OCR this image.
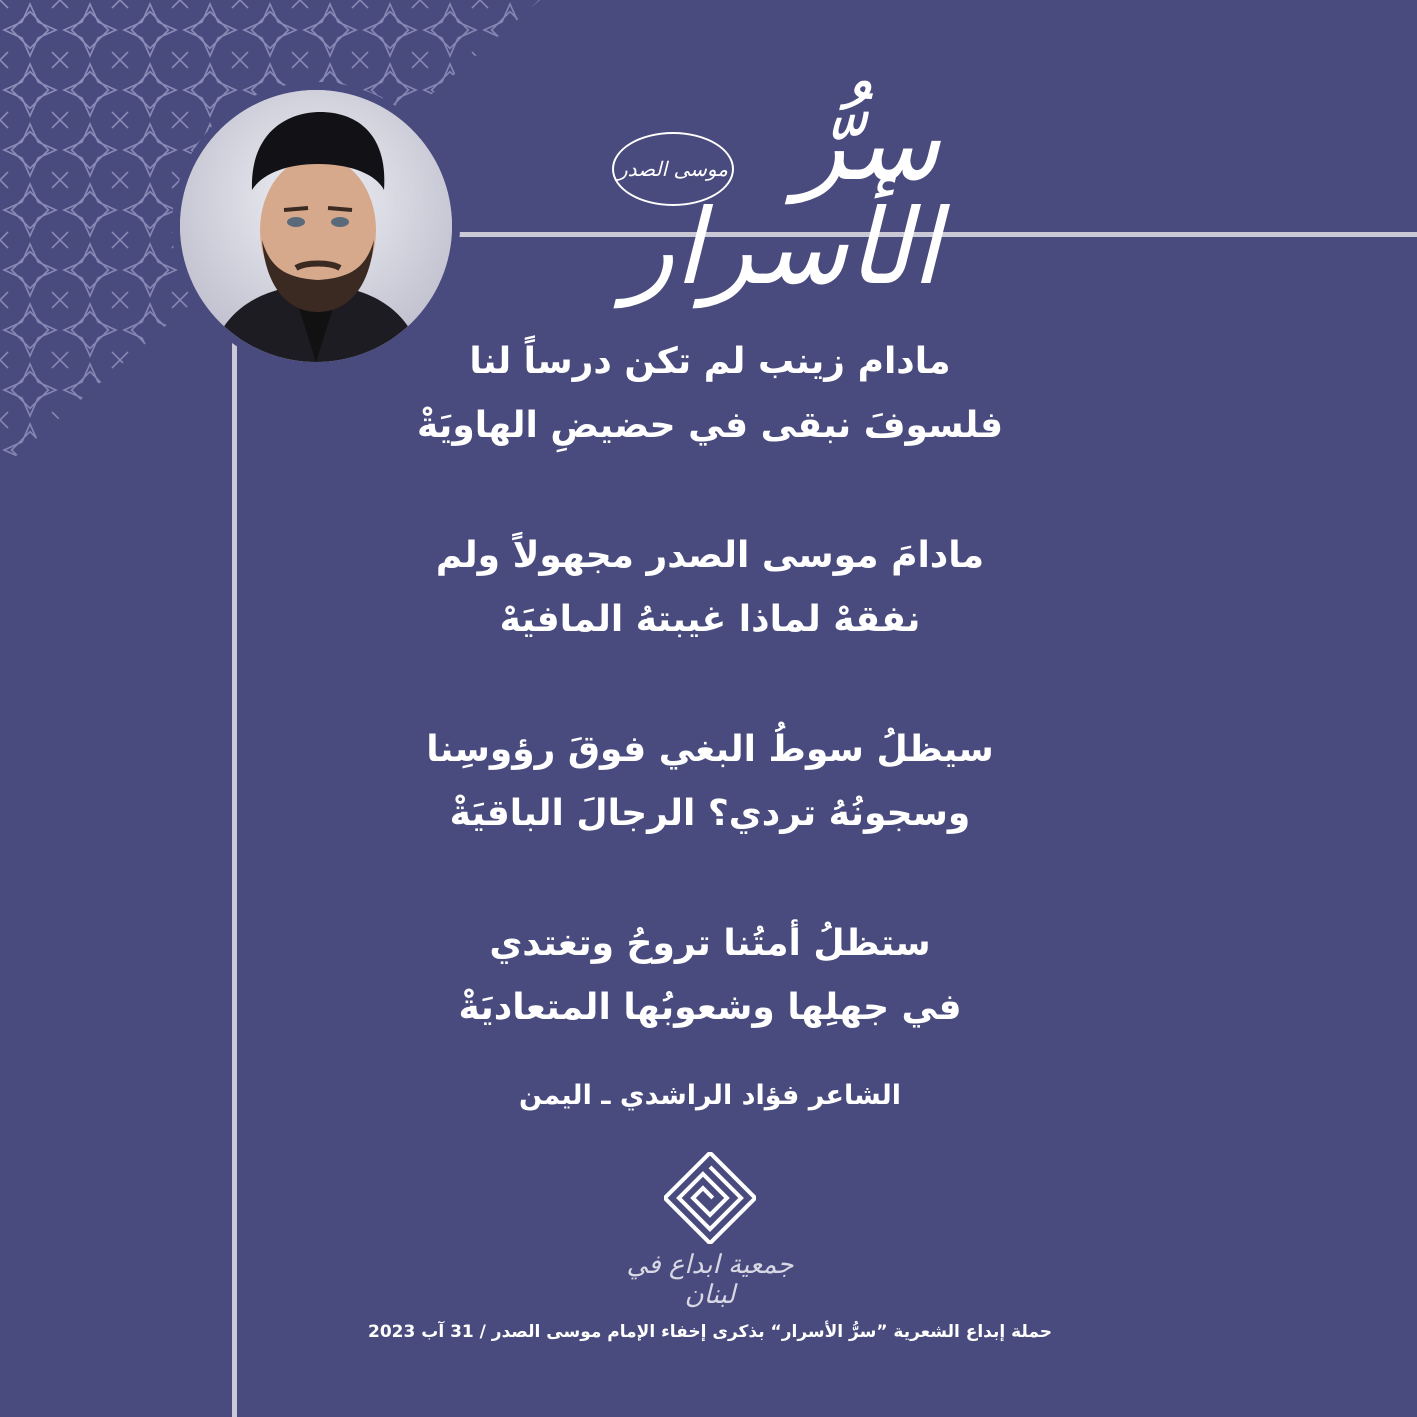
سرُّ الأسرار
موسى الصدر
مادام زينب لم تكن درساً لنا
فلسوفَ نبقى في حضيضِ الهاويَةْ
مادامَ موسى الصدر مجهولاً ولم
نفقهْ لماذا غيبتهُ المافيَهْ
سيظلُ سوطُ البغي فوقَ رؤوسِنا
وسجونُهُ تردي؟ الرجالَ الباقيَةْ
ستظلُ أمتُنا تروحُ وتغتدي
في جهلِها وشعوبُها المتعاديَةْ
الشاعر فؤاد الراشدي ـ اليمن
جمعية ابداع في لبنان
حملة إبداع الشعرية ”سرُّ الأسرار“ بذكرى إخفاء الإمام موسى الصدر / 31 آب 2023
